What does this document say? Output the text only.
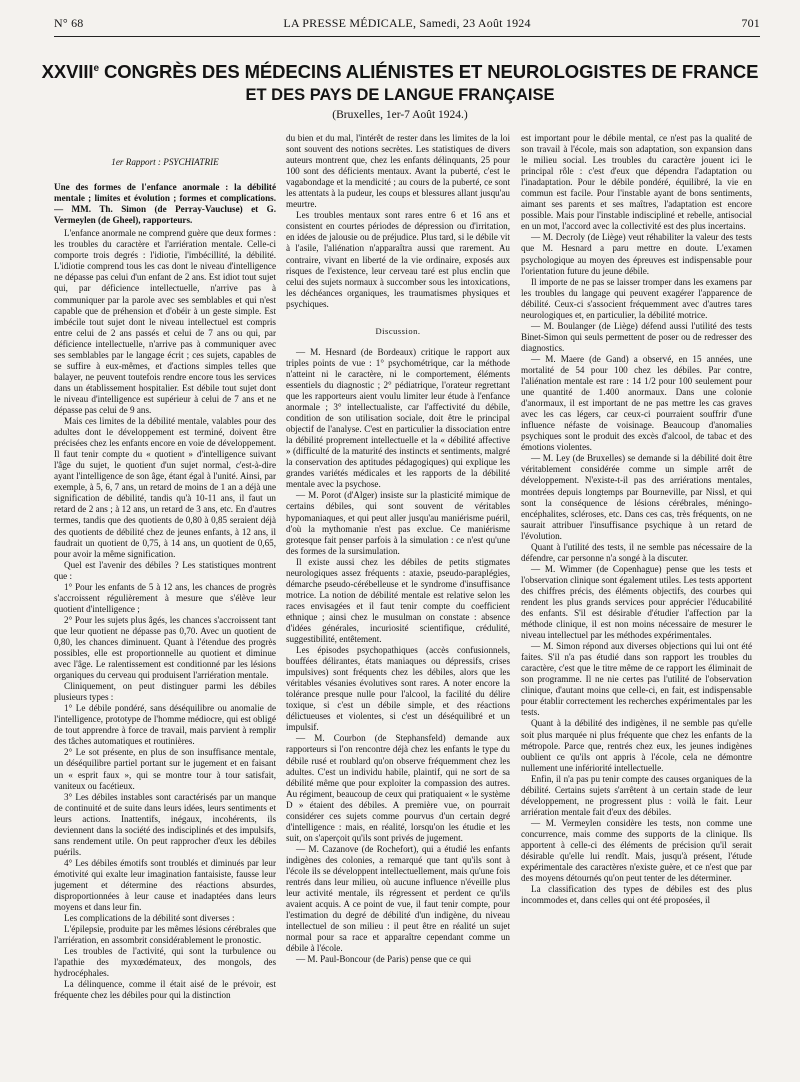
N° 68	LA PRESSE MÉDICALE, Samedi, 23 Août 1924	701
XXVIIIe CONGRÈS DES MÉDECINS ALIÉNISTES ET NEUROLOGISTES DE FRANCE
ET DES PAYS DE LANGUE FRANÇAISE
(Bruxelles, 1er-7 Août 1924.)

1er Rapport : PSYCHIATRIE

Une des formes de l'enfance anormale : la débilité mentale ; limites et évolution ; formes et complications. — MM. Th. Simon (de Perray-Vaucluse) et G. Vermeylen (de Gheel), rapporteurs.

L'enfance anormale ne comprend guère que deux formes : les troubles du caractère et l'arriération mentale. Celle-ci comporte trois degrés : l'idiotie, l'imbécillité, la débilité. L'idiotie comprend tous les cas dont le niveau d'intelligence ne dépasse pas celui d'un enfant de 2 ans. Est idiot tout sujet qui, par déficience intellectuelle, n'arrive pas à communiquer par la parole avec ses semblables et qui n'est capable que de préhension et d'obéir à un geste simple. Est imbécile tout sujet dont le niveau intellectuel est compris entre celui de 2 ans passés et celui de 7 ans ou qui, par déficience intellectuelle, n'arrive pas à communiquer avec ses semblables par le langage écrit ; ces sujets, capables de se suffire à eux-mêmes, et d'actions simples telles que balayer, ne peuvent toutefois rendre encore tous les services dans un établissement hospitalier. Est débile tout sujet dont le niveau d'intelligence est supérieur à celui de 7 ans et ne dépasse pas celui de 9 ans.

Mais ces limites de la débilité mentale, valables pour des adultes dont le développement est terminé, doivent être précisées chez les enfants encore en voie de développement. Il faut tenir compte du « quotient » d'intelligence suivant l'âge du sujet, le quotient d'un sujet normal, c'est-à-dire ayant l'intelligence de son âge, étant égal à l'unité. Ainsi, par exemple, à 5, 6, 7 ans, un retard de moins de 1 an a déjà une signification de débilité, tandis qu'à 10-11 ans, il faut un retard de 2 ans ; à 12 ans, un retard de 3 ans, etc. En d'autres termes, tandis que des quotients de 0,80 à 0,85 seraient déjà des quotients de débilité chez de jeunes enfants, à 12 ans, il faudrait un quotient de 0,75, à 14 ans, un quotient de 0,65, pour avoir la même signification.

Quel est l'avenir des débiles ? Les statistiques montrent que :

1° Pour les enfants de 5 à 12 ans, les chances de progrès s'accroissent régulièrement à mesure que s'élève leur quotient d'intelligence ;

2° Pour les sujets plus âgés, les chances s'accroissent tant que leur quotient ne dépasse pas 0,70. Avec un quotient de 0,80, les chances diminuent. Quant à l'étendue des progrès possibles, elle est proportionnelle au quotient et diminue avec l'âge. Le ralentissement est conditionné par les lésions organiques du cerveau qui produisent l'arriération mentale.

Cliniquement, on peut distinguer parmi les débiles plusieurs types :

1° Le débile pondéré, sans déséquilibre ou anomalie de l'intelligence, prototype de l'homme médiocre, qui est obligé de tout apprendre à force de travail, mais parvient à remplir des tâches automatiques et routinières.

2° Le sot présente, en plus de son insuffisance mentale, un déséquilibre partiel portant sur le jugement et en faisant un « esprit faux », qui se montre tour à tour satisfait, vaniteux ou facétieux.

3° Les débiles instables sont caractérisés par un manque de continuité et de suite dans leurs idées, leurs sentiments et leurs actions. Inattentifs, inégaux, incohérents, ils deviennent dans la société des indisciplinés et des impulsifs, sans rendement utile. On peut rapprocher d'eux les débiles puérils.

4° Les débiles émotifs sont troublés et diminués par leur émotivité qui exalte leur imagination fantaisiste, fausse leur jugement et détermine des réactions absurdes, disproportionnées à leur cause et inadaptées dans leurs moyens et dans leur fin.

Les complications de la débilité sont diverses :

L'épilepsie, produite par les mêmes lésions cérébrales que l'arriération, en assombrit considérablement le pronostic.

Les troubles de l'activité, qui sont la turbulence ou l'apathie des myxœdémateux, des mongols, des hydrocéphales.

La délinquence, comme il était aisé de le prévoir, est fréquente chez les débiles pour qui la distinction

du bien et du mal, l'intérêt de rester dans les limites de la loi sont souvent des notions secrètes. Les statistiques de divers auteurs montrent que, chez les enfants délinquants, 25 pour 100 sont des déficients mentaux. Avant la puberté, c'est le vagabondage et la mendicité ; au cours de la puberté, ce sont les attentats à la pudeur, les coups et blessures allant jusqu'au meurtre.

Les troubles mentaux sont rares entre 6 et 16 ans et consistent en courtes périodes de dépression ou d'irritation, en idées de jalousie ou de préjudice. Plus tard, si le débile vit à l'asile, l'aliénation n'apparaîtra aussi que rarement. Au contraire, vivant en liberté de la vie ordinaire, exposés aux risques de l'existence, leur cerveau taré est plus enclin que celui des sujets normaux à succomber sous les intoxications, les déchéances organiques, les traumatismes physiques et psychiques.

Discussion.

— M. Hesnard (de Bordeaux) critique le rapport aux triples points de vue : 1° psychométrique, car la méthode n'atteint ni le caractère, ni le comportement, éléments essentiels du diagnostic ; 2° pédiatrique, l'orateur regrettant que les rapporteurs aient voulu limiter leur étude à l'enfance anormale ; 3° intellectualiste, car l'affectivité du débile, condition de son utilisation sociale, doit être le principal objectif de l'analyse. C'est en particulier la dissociation entre la débilité proprement intellectuelle et la « débilité affective » (difficulté de la maturité des instincts et sentiments, malgré la conservation des aptitudes pédagogiques) qui explique les grandes variétés médicales et les rapports de la débilité mentale avec la psychose.

— M. Porot (d'Alger) insiste sur la plasticité mimique de certains débiles, qui sont souvent de véritables hypomaniaques, et qui peut aller jusqu'au maniérisme puéril, d'où la mythomanie n'est pas exclue. Ce maniérisme grotesque fait penser parfois à la simulation : ce n'est qu'une des formes de la sursimulation.

Il existe aussi chez les débiles de petits stigmates neurologiques assez fréquents : ataxie, pseudo-paraplégies, démarche pseudo-cérébelleuse et le syndrome d'insuffisance motrice. La notion de débilité mentale est relative selon les races envisagées et il faut tenir compte du coefficient ethnique ; ainsi chez le musulman on constate : absence d'idées générales, incuriosité scientifique, crédulité, suggestibilité, entêtement.

Les épisodes psychopathiques (accès confusionnels, bouffées délirantes, états maniaques ou dépressifs, crises impulsives) sont fréquents chez les débiles, alors que les véritables vésanies évolutives sont rares. A noter encore la tolérance presque nulle pour l'alcool, la facilité du délire toxique, si c'est un débile simple, et des réactions délictueuses et violentes, si c'est un déséquilibré et un impulsif.

— M. Courbon (de Stephansfeld) demande aux rapporteurs si l'on rencontre déjà chez les enfants le type du débile rusé et roublard qu'on observe fréquemment chez les adultes. C'est un individu habile, plaintif, qui ne sort de sa débilité même que pour exploiter la compassion des autres. Au régiment, beaucoup de ceux qui pratiquaient « le système D » étaient des débiles. A première vue, on pourrait considérer ces sujets comme pourvus d'un certain degré d'intelligence : mais, en réalité, lorsqu'on les étudie et les suit, on s'aperçoit qu'ils sont privés de jugement.

— M. Cazanove (de Rochefort), qui a étudié les enfants indigènes des colonies, a remarqué que tant qu'ils sont à l'école ils se développent intellectuellement, mais qu'une fois rentrés dans leur milieu, où aucune influence n'éveille plus leur activité mentale, ils régressent et perdent ce qu'ils avaient acquis. A ce point de vue, il faut tenir compte, pour l'estimation du degré de débilité d'un indigène, du niveau intellectuel de son milieu : il peut être en réalité un sujet normal pour sa race et apparaître cependant comme un débile à l'école.

— M. Paul-Boncour (de Paris) pense que ce qui

est important pour le débile mental, ce n'est pas la qualité de son travail à l'école, mais son adaptation, son expansion dans le milieu social. Les troubles du caractère jouent ici le principal rôle : c'est d'eux que dépendra l'adaptation ou l'inadaptation. Pour le débile pondéré, équilibré, la vie en commun est facile. Pour l'instable ayant de bons sentiments, aimant ses parents et ses maîtres, l'adaptation est encore possible. Mais pour l'instable indiscipliné et rebelle, antisocial en un mot, l'accord avec la collectivité est des plus incertains.

— M. Decroly (de Liège) veut réhabiliter la valeur des tests que M. Hesnard a paru mettre en doute. L'examen psychologique au moyen des épreuves est indispensable pour l'orientation future du jeune débile.

Il importe de ne pas se laisser tromper dans les examens par les troubles du langage qui peuvent exagérer l'apparence de débilité. Ceux-ci s'associent fréquemment avec d'autres tares neurologiques et, en particulier, la débilité motrice.

— M. Boulanger (de Liège) défend aussi l'utilité des tests Binet-Simon qui seuls permettent de poser ou de redresser des diagnostics.

— M. Maere (de Gand) a observé, en 15 années, une mortalité de 54 pour 100 chez les débiles. Par contre, l'aliénation mentale est rare : 14 1/2 pour 100 seulement pour une quantité de 1.400 anormaux. Dans une colonie d'anormaux, il est important de ne pas mettre les cas graves avec les cas légers, car ceux-ci pourraient souffrir d'une influence néfaste de voisinage. Beaucoup d'anomalies psychiques sont le produit des excès d'alcool, de tabac et des émotions violentes.

— M. Ley (de Bruxelles) se demande si la débilité doit être véritablement considérée comme un simple arrêt de développement. N'existe-t-il pas des arriérations mentales, montrées depuis longtemps par Bourneville, par Nissl, et qui sont la conséquence de lésions cérébrales, méningo-encéphalites, scléroses, etc. Dans ces cas, très fréquents, on ne saurait attribuer l'insuffisance psychique à un retard de l'évolution.

Quant à l'utilité des tests, il ne semble pas nécessaire de la défendre, car personne n'a songé à la discuter.

— M. Wimmer (de Copenhague) pense que les tests et l'observation clinique sont également utiles. Les tests apportent des chiffres précis, des éléments objectifs, des courbes qui rendent les plus grands services pour apprécier l'éducabilité des enfants. S'il est désirable d'étudier l'affection par la méthode clinique, il est non moins nécessaire de mesurer le niveau intellectuel par les méthodes expérimentales.

— M. Simon répond aux diverses objections qui lui ont été faites. S'il n'a pas étudié dans son rapport les troubles du caractère, c'est que le titre même de ce rapport les éliminait de son programme. Il ne nie certes pas l'utilité de l'observation clinique, d'autant moins que celle-ci, en fait, est indispensable pour établir correctement les recherches expérimentales par les tests.

Quant à la débilité des indigènes, il ne semble pas qu'elle soit plus marquée ni plus fréquente que chez les enfants de la métropole. Parce que, rentrés chez eux, les jeunes indigènes oublient ce qu'ils ont appris à l'école, cela ne démontre nullement une infériorité intellectuelle.

Enfin, il n'a pas pu tenir compte des causes organiques de la débilité. Certains sujets s'arrêtent à un certain stade de leur développement, ne progressent plus : voilà le fait. Leur arriération mentale fait d'eux des débiles.

— M. Vermeylen considère les tests, non comme une concurrence, mais comme des supports de la clinique. Ils apportent à celle-ci des éléments de précision qu'il serait désirable qu'elle lui rendît. Mais, jusqu'à présent, l'étude expérimentale des caractères n'existe guère, et ce n'est que par des moyens détournés qu'on peut tenter de les déterminer.

La classification des types de débiles est des plus incommodes et, dans celles qui ont été proposées, il
